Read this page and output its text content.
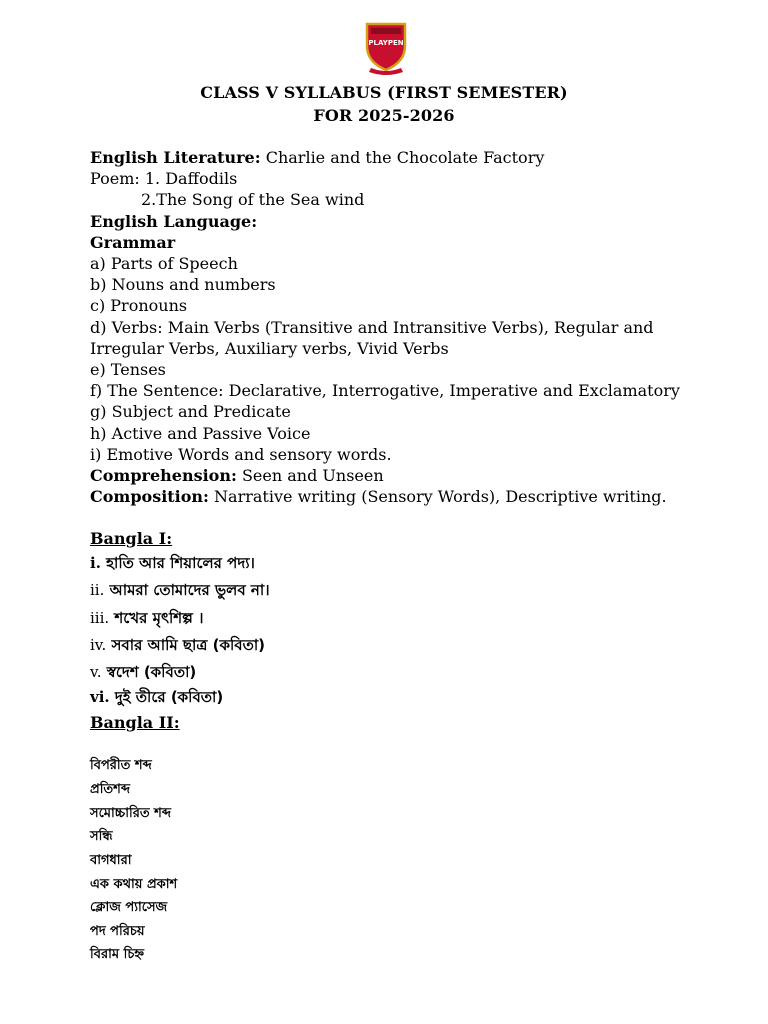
PLAYPEN
CLASS V SYLLABUS (FIRST SEMESTER)
FOR 2025-2026
English Literature: Charlie and the Chocolate Factory
Poem: 1. Daffodils
2.The Song of the Sea wind
English Language:
Grammar
a) Parts of Speech
b) Nouns and numbers
c) Pronouns
d) Verbs: Main Verbs (Transitive and Intransitive Verbs), Regular and
Irregular Verbs, Auxiliary verbs, Vivid Verbs
e) Tenses
f) The Sentence: Declarative, Interrogative, Imperative and Exclamatory
g) Subject and Predicate
h) Active and Passive Voice
i) Emotive Words and sensory words.
Comprehension: Seen and Unseen
Composition: Narrative writing (Sensory Words), Descriptive writing.
Bangla I:
i. হাতি আর শিয়ালের পদ্য।
ii. আমরা তোমাদের ভুলব না।
iii. শখের মৃৎশিল্প ।
iv. সবার আমি ছাত্র (কবিতা)
v. স্বদেশ (কবিতা)
vi. দুই তীরে (কবিতা)
Bangla II:
বিপরীত শব্দ
প্রতিশব্দ
সমোচ্চারিত শব্দ
সন্ধি
বাগধারা
এক কথায় প্রকাশ
ক্লোজ প্যাসেজ
পদ পরিচয়
বিরাম চিহ্ন
